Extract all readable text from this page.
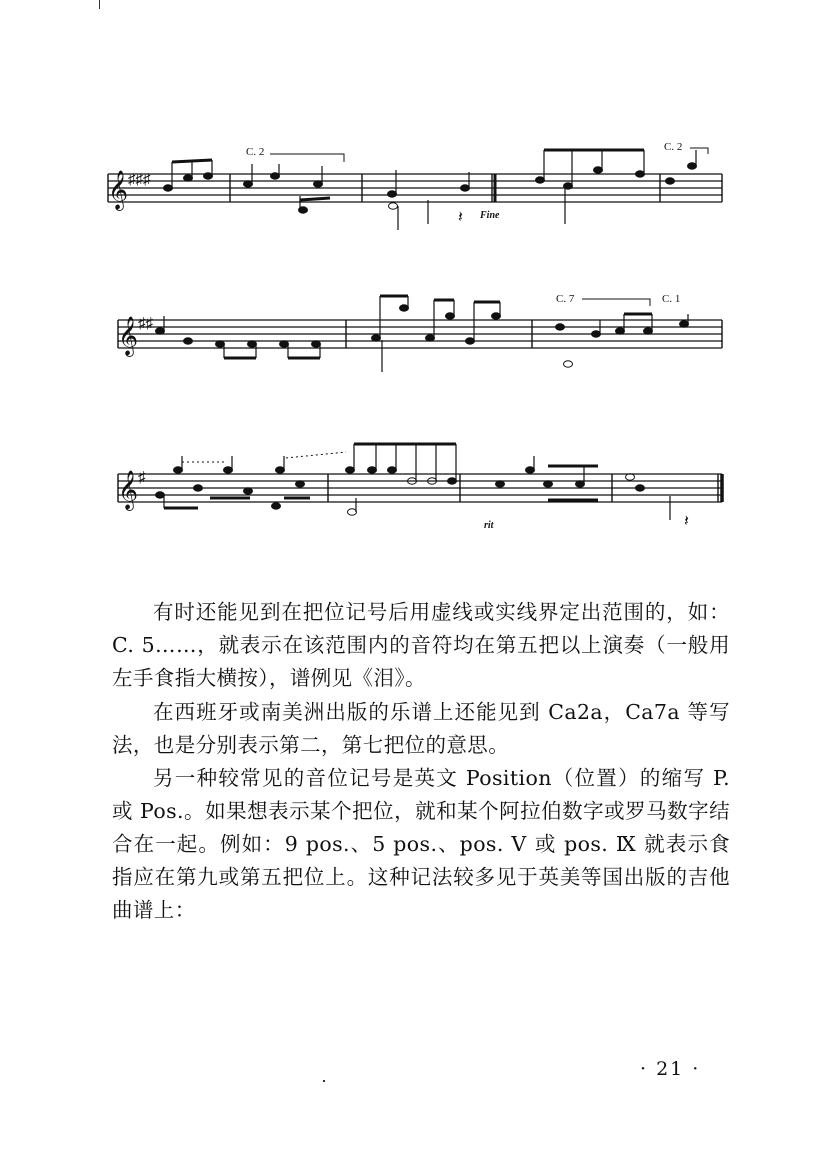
𝄞 ♯♯♯
C. 2	C. 2
Fine
𝄽
𝄞 ♯♯
C. 7	C. 1
𝄞 ♯
rit	𝄽

有时还能见到在把位记号后用虚线或实线界定出范围的，如：C. 5……，就表示在该范围内的音符均在第五把以上演奏（一般用左手食指大横按），谱例见《泪》。

在西班牙或南美洲出版的乐谱上还能见到 Ca2a，Ca7a 等写法，也是分别表示第二，第七把位的意思。

另一种较常见的音位记号是英文 Position（位置）的缩写 P. 或 Pos.。如果想表示某个把位，就和某个阿拉伯数字或罗马数字结合在一起。例如：9 pos.、5 pos.、pos. Ⅴ 或 pos. Ⅸ 就表示食指应在第九或第五把位上。这种记法较多见于英美等国出版的吉他曲谱上：

· 21 ·
